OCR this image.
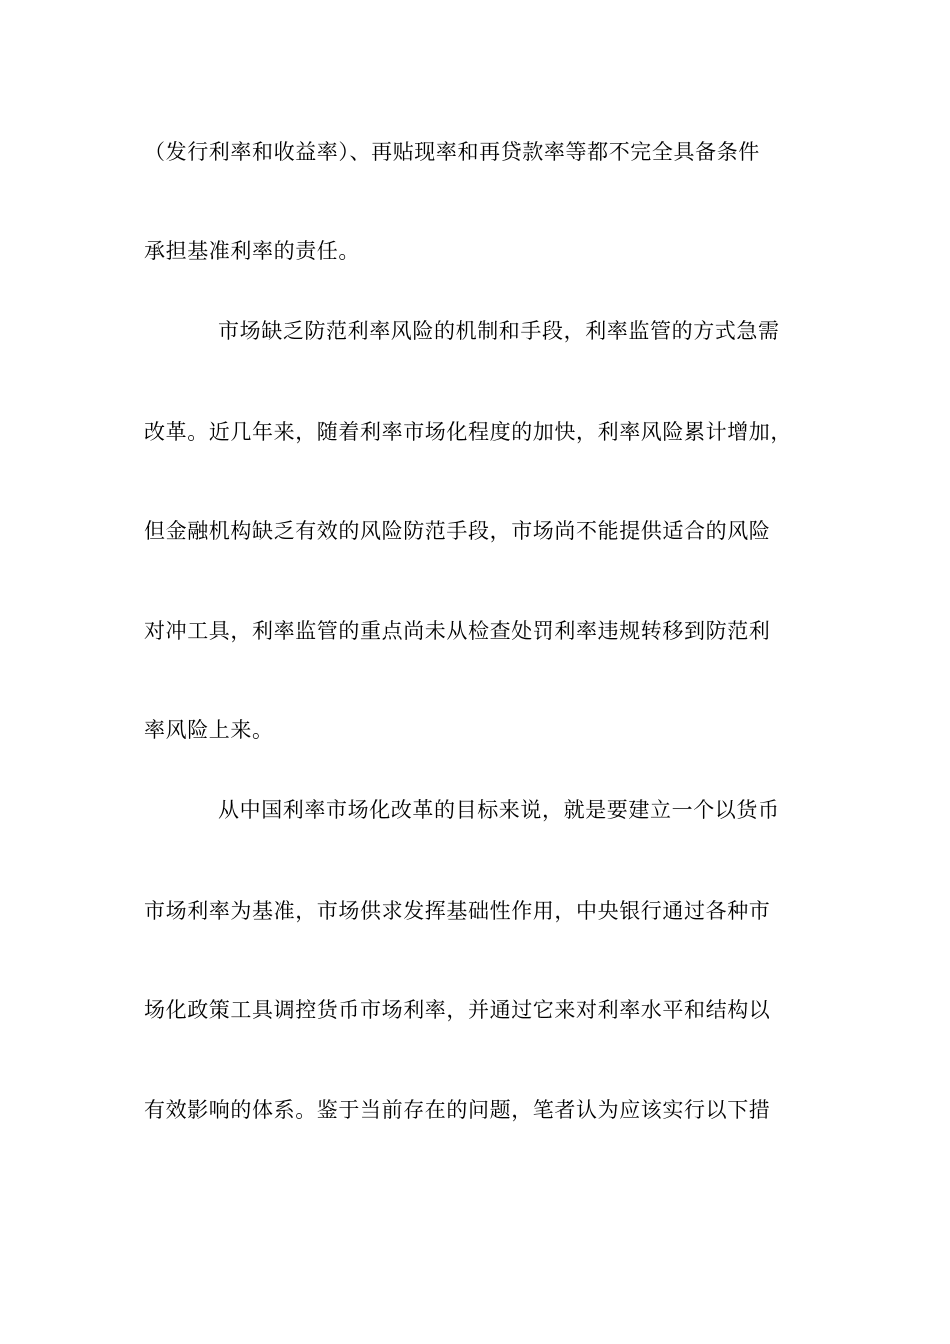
（发行利率和收益率）、再贴现率和再贷款率等都不完全具备条件
承担基准利率的责任。
市场缺乏防范利率风险的机制和手段，利率监管的方式急需
改革。近几年来，随着利率市场化程度的加快，利率风险累计增加，
但金融机构缺乏有效的风险防范手段，市场尚不能提供适合的风险
对冲工具，利率监管的重点尚未从检查处罚利率违规转移到防范利
率风险上来。
从中国利率市场化改革的目标来说，就是要建立一个以货币
市场利率为基准，市场供求发挥基础性作用，中央银行通过各种市
场化政策工具调控货币市场利率，并通过它来对利率水平和结构以
有效影响的体系。鉴于当前存在的问题，笔者认为应该实行以下措
